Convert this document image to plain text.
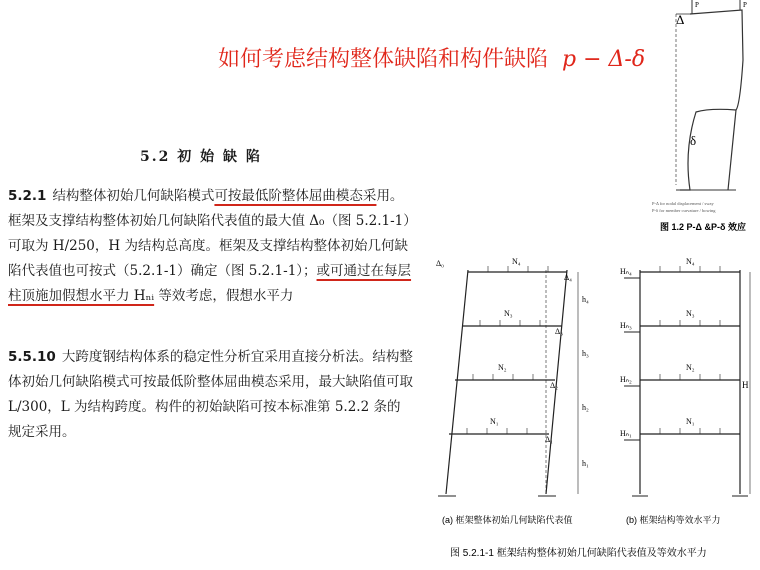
如何考虑结构整体缺陷和构件缺陷 p − Δ-δ
5.2 初 始 缺 陷
5.2.1 结构整体初始几何缺陷模式可按最低阶整体屈曲模态采用。框架及支撑结构整体初始几何缺陷代表值的最大值 Δ₀（图 5.2.1-1）可取为 H/250，H 为结构总高度。框架及支撑结构整体初始几何缺陷代表值也可按式（5.2.1-1）确定（图 5.2.1-1）；或可通过在每层柱顶施加假想水平力 Hₙᵢ 等效考虑，假想水平力
5.5.10 大跨度钢结构体系的稳定性分析宜采用直接分析法。结构整体初始几何缺陷模式可按最低阶整体屈曲模态采用，最大缺陷值可取 L/300，L 为结构跨度。构件的初始缺陷可按本标准第 5.2.2 条的规定采用。
Δ
P	P
δ
P-Δ for nodal displacement / sway
P-δ for member curvature / bowing
图 1.2 P-Δ &P-δ 效应
Δ₀
Δ₄
Δ₃
Δ₂
Δ₁
N₄
N₃
N₂
N₁
h₄
h₃
h₂
h₁
Hₙ₄
Hₙ₃
Hₙ₂
Hₙ₁
N₄
N₃
N₂
N₁
H
(a) 框架整体初始几何缺陷代表值	(b) 框架结构等效水平力
图 5.2.1-1 框架结构整体初始几何缺陷代表值及等效水平力
